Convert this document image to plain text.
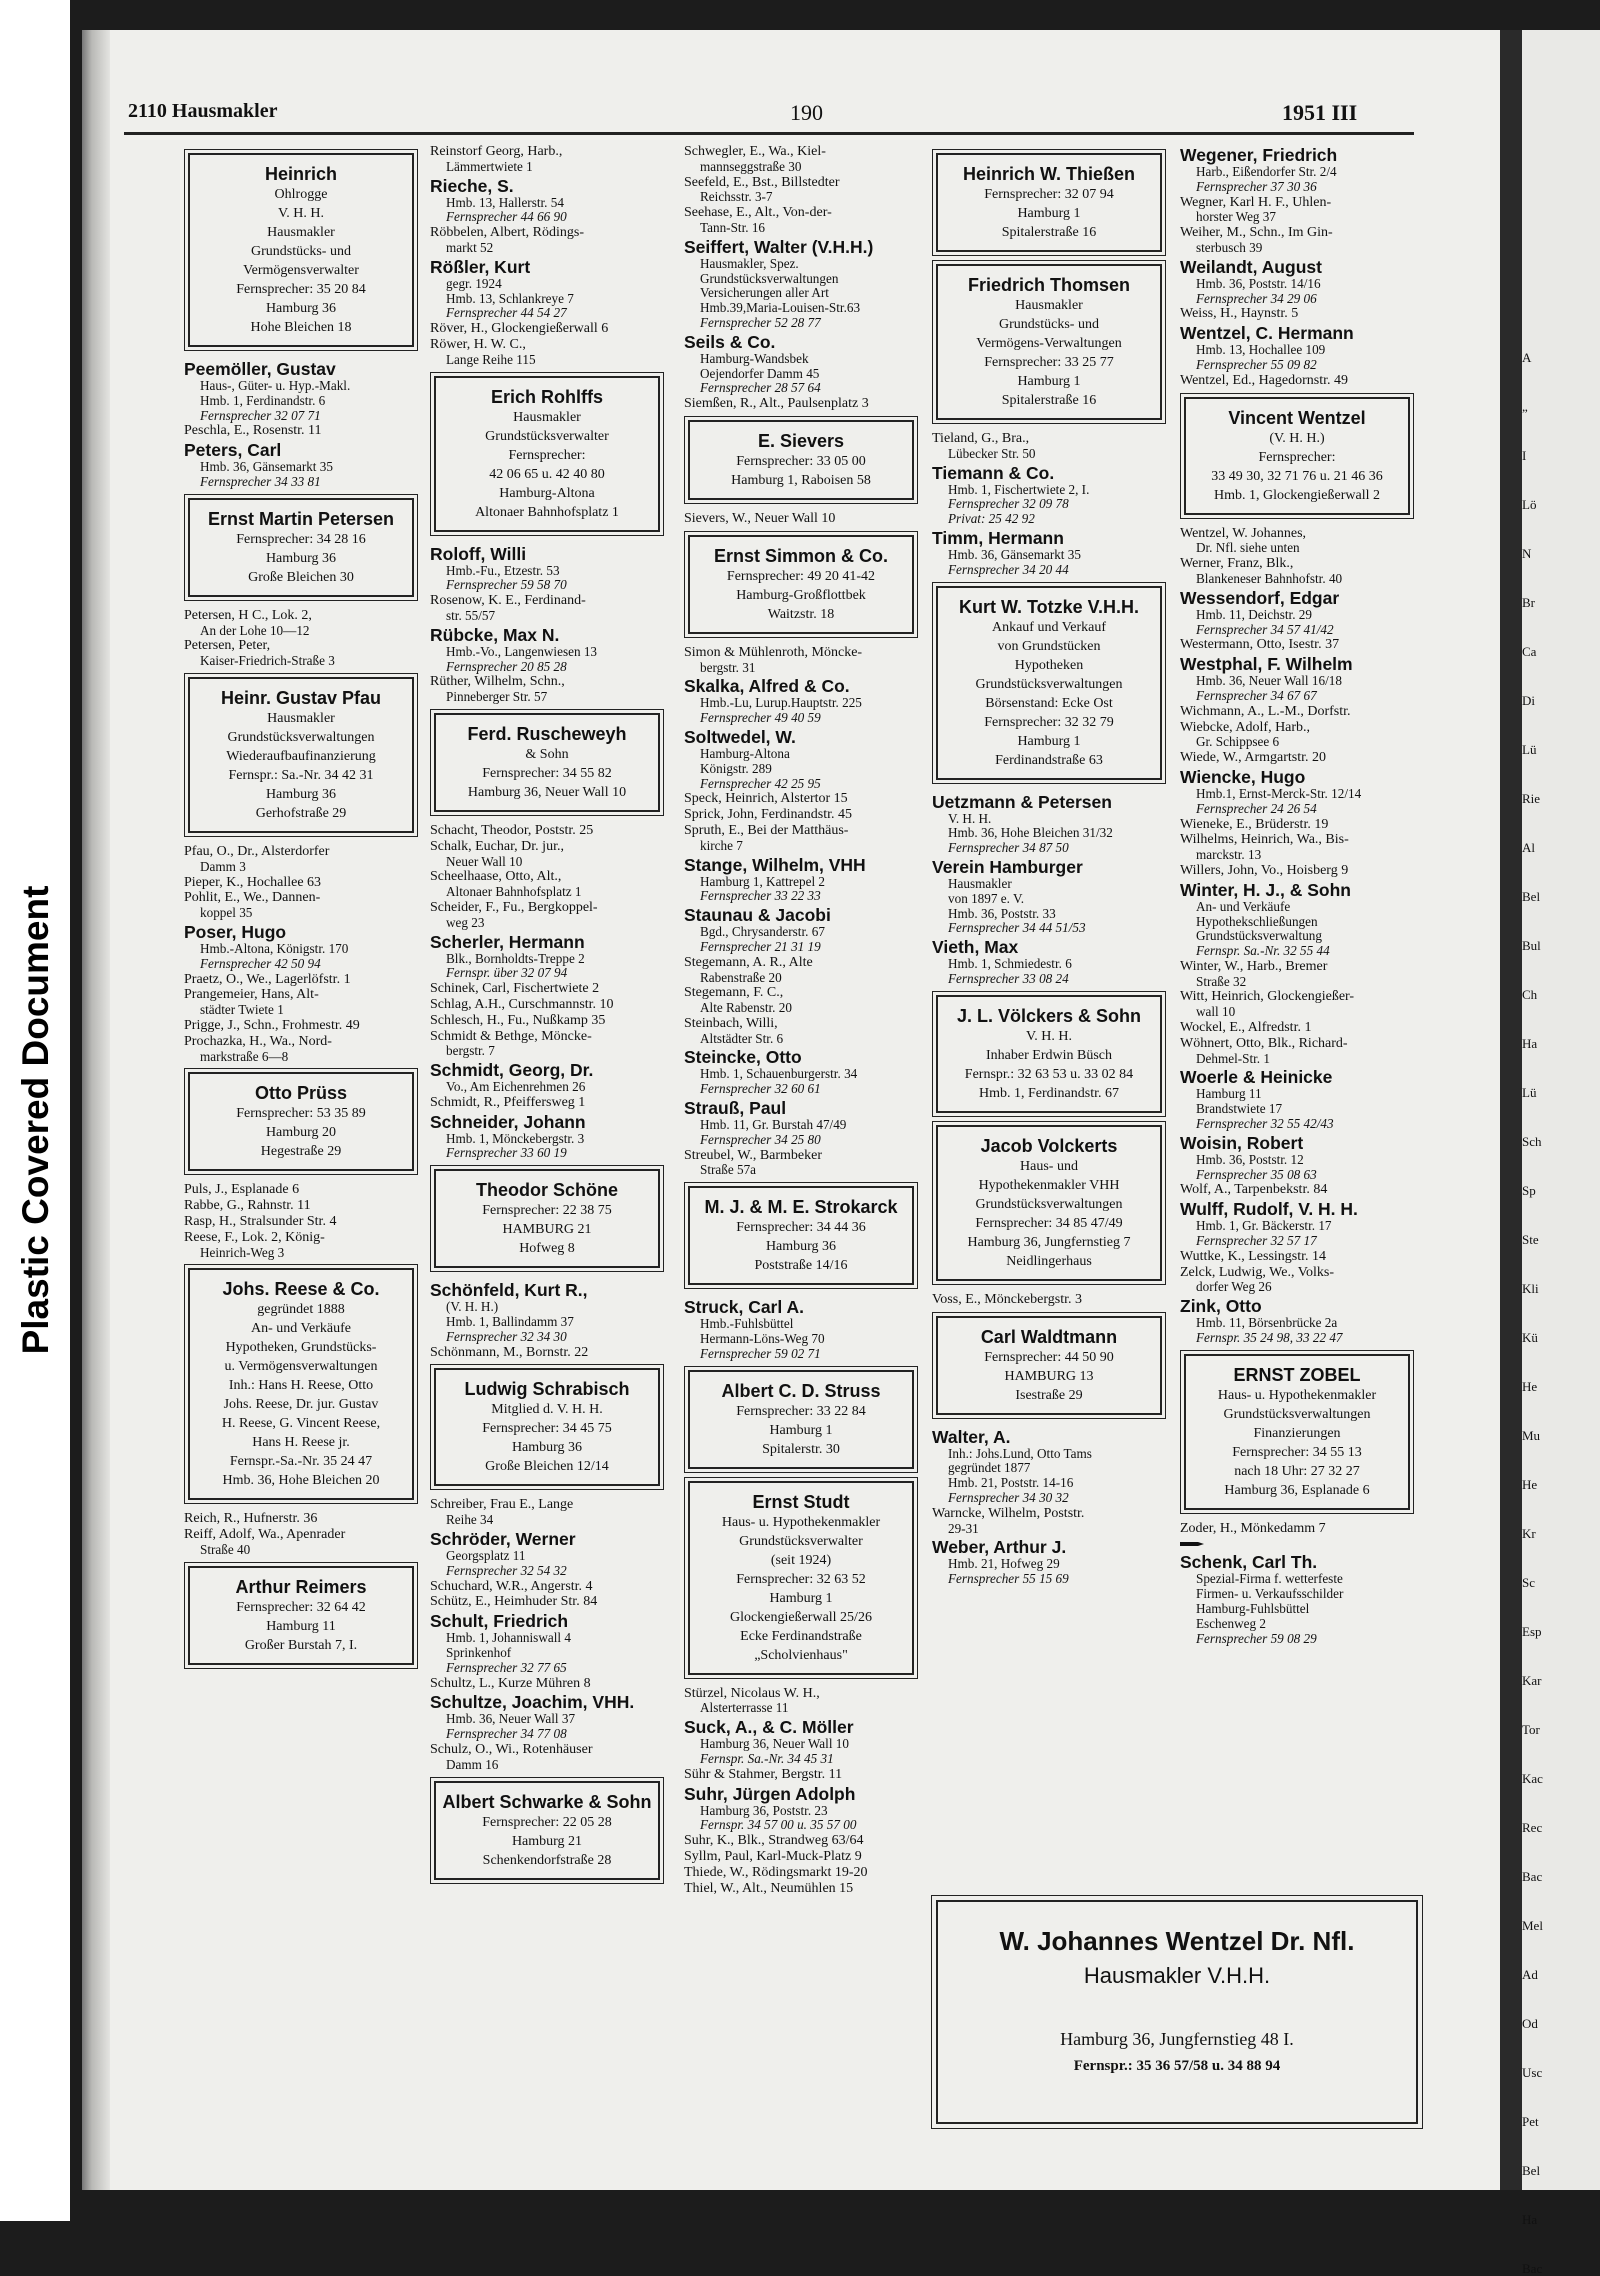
Plastic Covered Document
A
„
I
Lö
N
Br
Ca
Di
Lü
Rie
Al
Bel
Bul
Ch
Ha
Lü
Sch
Sp
Ste
Kli
Kü
He
Mu
He
Kr
Sc
Esp
Kar
Tor
Kac
Rec
Bac
Mel
Ad
Od
Usc
Pet
Bel
Ha
Bac
2110 Hausmakler	190	1951 III
Heinrich
Ohlrogge
V. H. H.
Hausmakler
Grundstücks- und
Vermögensverwalter
Fernsprecher: 35 20 84
Hamburg 36
Hohe Bleichen 18
Peemöller, Gustav
Haus-, Güter- u. Hyp.-Makl.
Hmb. 1, Ferdinandstr. 6
Fernsprecher 32 07 71
Peschla, E., Rosenstr. 11
Peters, Carl
Hmb. 36, Gänsemarkt 35
Fernsprecher 34 33 81
Ernst Martin Petersen
Fernsprecher: 34 28 16
Hamburg 36
Große Bleichen 30
Petersen, H C., Lok. 2,
An der Lohe 10—12
Petersen, Peter,
Kaiser-Friedrich-Straße 3
Heinr. Gustav Pfau
Hausmakler
Grundstücksverwaltungen
Wiederaufbaufinanzierung
Fernspr.: Sa.-Nr. 34 42 31
Hamburg 36
Gerhofstraße 29
Pfau, O., Dr., Alsterdorfer
Damm 3
Pieper, K., Hochallee 63
Pohlit, E., We., Dannen-
koppel 35
Poser, Hugo
Hmb.-Altona, Königstr. 170
Fernsprecher 42 50 94
Praetz, O., We., Lagerlöfstr. 1
Prangemeier, Hans, Alt-
städter Twiete 1
Prigge, J., Schn., Frohmestr. 49
Prochazka, H., Wa., Nord-
markstraße 6—8
Otto Prüss
Fernsprecher: 53 35 89
Hamburg 20
Hegestraße 29
Puls, J., Esplanade 6
Rabbe, G., Rahnstr. 11
Rasp, H., Stralsunder Str. 4
Reese, F., Lok. 2, König-
Heinrich-Weg 3
Johs. Reese & Co.
gegründet 1888
An- und Verkäufe
Hypotheken, Grundstücks-
u. Vermögensverwaltungen
Inh.: Hans H. Reese, Otto
Johs. Reese, Dr. jur. Gustav
H. Reese, G. Vincent Reese,
Hans H. Reese jr.
Fernspr.-Sa.-Nr. 35 24 47
Hmb. 36, Hohe Bleichen 20
Reich, R., Hufnerstr. 36
Reiff, Adolf, Wa., Apenrader
Straße 40
Arthur Reimers
Fernsprecher: 32 64 42
Hamburg 11
Großer Burstah 7, I.
Reinstorf Georg, Harb.,
Lämmertwiete 1
Rieche, S.
Hmb. 13, Hallerstr. 54
Fernsprecher 44 66 90
Röbbelen, Albert, Rödings-
markt 52
Rößler, Kurt
gegr. 1924
Hmb. 13, Schlankreye 7
Fernsprecher 44 54 27
Röver, H., Glockengießerwall 6
Röwer, H. W. C.,
Lange Reihe 115
Erich Rohlffs
Hausmakler
Grundstücksverwalter
Fernsprecher:
42 06 65 u. 42 40 80
Hamburg-Altona
Altonaer Bahnhofsplatz 1
Roloff, Willi
Hmb.-Fu., Etzestr. 53
Fernsprecher 59 58 70
Rosenow, K. E., Ferdinand-
str. 55/57
Rübcke, Max N.
Hmb.-Vo., Langenwiesen 13
Fernsprecher 20 85 28
Rüther, Wilhelm, Schn.,
Pinneberger Str. 57
Ferd. Ruscheweyh
& Sohn
Fernsprecher: 34 55 82
Hamburg 36, Neuer Wall 10
Schacht, Theodor, Poststr. 25
Schalk, Euchar, Dr. jur.,
Neuer Wall 10
Scheelhaase, Otto, Alt.,
Altonaer Bahnhofsplatz 1
Scheider, F., Fu., Bergkoppel-
weg 23
Scherler, Hermann
Blk., Bornholdts-Treppe 2
Fernspr. über 32 07 94
Schinek, Carl, Fischertwiete 2
Schlag, A.H., Curschmannstr. 10
Schlesch, H., Fu., Nußkamp 35
Schmidt & Bethge, Möncke-
bergstr. 7
Schmidt, Georg, Dr.
Vo., Am Eichenrehmen 26
Schmidt, R., Pfeiffersweg 1
Schneider, Johann
Hmb. 1, Mönckebergstr. 3
Fernsprecher 33 60 19
Theodor Schöne
Fernsprecher: 22 38 75
HAMBURG 21
Hofweg 8
Schönfeld, Kurt R.,
(V. H. H.)
Hmb. 1, Ballindamm 37
Fernsprecher 32 34 30
Schönmann, M., Bornstr. 22
Ludwig Schrabisch
Mitglied d. V. H. H.
Fernsprecher: 34 45 75
Hamburg 36
Große Bleichen 12/14
Schreiber, Frau E., Lange
Reihe 34
Schröder, Werner
Georgsplatz 11
Fernsprecher 32 54 32
Schuchard, W.R., Angerstr. 4
Schütz, E., Heimhuder Str. 84
Schult, Friedrich
Hmb. 1, Johanniswall 4
Sprinkenhof
Fernsprecher 32 77 65
Schultz, L., Kurze Mühren 8
Schultze, Joachim, VHH.
Hmb. 36, Neuer Wall 37
Fernsprecher 34 77 08
Schulz, O., Wi., Rotenhäuser
Damm 16
Albert Schwarke & Sohn
Fernsprecher: 22 05 28
Hamburg 21
Schenkendorfstraße 28
Schwegler, E., Wa., Kiel-
mannseggstraße 30
Seefeld, E., Bst., Billstedter
Reichsstr. 3-7
Seehase, E., Alt., Von-der-
Tann-Str. 16
Seiffert, Walter (V.H.H.)
Hausmakler, Spez.
Grundstücksverwaltungen
Versicherungen aller Art
Hmb.39,Maria-Louisen-Str.63
Fernsprecher 52 28 77
Seils & Co.
Hamburg-Wandsbek
Oejendorfer Damm 45
Fernsprecher 28 57 64
Siemßen, R., Alt., Paulsenplatz 3
E. Sievers
Fernsprecher: 33 05 00
Hamburg 1, Raboisen 58
Sievers, W., Neuer Wall 10
Ernst Simmon & Co.
Fernsprecher: 49 20 41-42
Hamburg-Großflottbek
Waitzstr. 18
Simon & Mühlenroth, Möncke-
bergstr. 31
Skalka, Alfred & Co.
Hmb.-Lu, Lurup.Hauptstr. 225
Fernsprecher 49 40 59
Soltwedel, W.
Hamburg-Altona
Königstr. 289
Fernsprecher 42 25 95
Speck, Heinrich, Alstertor 15
Sprick, John, Ferdinandstr. 45
Spruth, E., Bei der Matthäus-
kirche 7
Stange, Wilhelm, VHH
Hamburg 1, Kattrepel 2
Fernsprecher 33 22 33
Staunau & Jacobi
Bgd., Chrysanderstr. 67
Fernsprecher 21 31 19
Stegemann, A. R., Alte
Rabenstraße 20
Stegemann, F. C.,
Alte Rabenstr. 20
Steinbach, Willi,
Altstädter Str. 6
Steincke, Otto
Hmb. 1, Schauenburgerstr. 34
Fernsprecher 32 60 61
Strauß, Paul
Hmb. 11, Gr. Burstah 47/49
Fernsprecher 34 25 80
Streubel, W., Barmbeker
Straße 57a
M. J. & M. E. Strokarck
Fernsprecher: 34 44 36
Hamburg 36
Poststraße 14/16
Struck, Carl A.
Hmb.-Fuhlsbüttel
Hermann-Löns-Weg 70
Fernsprecher 59 02 71
Albert C. D. Struss
Fernsprecher: 33 22 84
Hamburg 1
Spitalerstr. 30
Ernst Studt
Haus- u. Hypothekenmakler
Grundstücksverwalter
(seit 1924)
Fernsprecher: 32 63 52
Hamburg 1
Glockengießerwall 25/26
Ecke Ferdinandstraße
„Scholvienhaus"
Stürzel, Nicolaus W. H.,
Alsterterrasse 11
Suck, A., & C. Möller
Hamburg 36, Neuer Wall 10
Fernspr. Sa.-Nr. 34 45 31
Sühr & Stahmer, Bergstr. 11
Suhr, Jürgen Adolph
Hamburg 36, Poststr. 23
Fernspr. 34 57 00 u. 35 57 00
Suhr, K., Blk., Strandweg 63/64
Syllm, Paul, Karl-Muck-Platz 9
Thiede, W., Rödingsmarkt 19-20
Thiel, W., Alt., Neumühlen 15
Heinrich W. Thießen
Fernsprecher: 32 07 94
Hamburg 1
Spitalerstraße 16
Friedrich Thomsen
Hausmakler
Grundstücks- und
Vermögens-Verwaltungen
Fernsprecher: 33 25 77
Hamburg 1
Spitalerstraße 16
Tieland, G., Bra.,
Lübecker Str. 50
Tiemann & Co.
Hmb. 1, Fischertwiete 2, I.
Fernsprecher 32 09 78
Privat: 25 42 92
Timm, Hermann
Hmb. 36, Gänsemarkt 35
Fernsprecher 34 20 44
Kurt W. Totzke V.H.H.
Ankauf und Verkauf
von Grundstücken
Hypotheken
Grundstücksverwaltungen
Börsenstand: Ecke Ost
Fernsprecher: 32 32 79
Hamburg 1
Ferdinandstraße 63
Uetzmann & Petersen
V. H. H.
Hmb. 36, Hohe Bleichen 31/32
Fernsprecher 34 87 50
Verein Hamburger
Hausmakler
von 1897 e. V.
Hmb. 36, Poststr. 33
Fernsprecher 34 44 51/53
Vieth, Max
Hmb. 1, Schmiedestr. 6
Fernsprecher 33 08 24
J. L. Völckers & Sohn
V. H. H.
Inhaber Erdwin Büsch
Fernspr.: 32 63 53 u. 33 02 84
Hmb. 1, Ferdinandstr. 67
Jacob Volckerts
Haus- und
Hypothekenmakler VHH
Grundstücksverwaltungen
Fernsprecher: 34 85 47/49
Hamburg 36, Jungfernstieg 7
Neidlingerhaus
Voss, E., Mönckebergstr. 3
Carl Waldtmann
Fernsprecher: 44 50 90
HAMBURG 13
Isestraße 29
Walter, A.
Inh.: Johs.Lund, Otto Tams
gegründet 1877
Hmb. 21, Poststr. 14-16
Fernsprecher 34 30 32
Warncke, Wilhelm, Poststr.
29-31
Weber, Arthur J.
Hmb. 21, Hofweg 29
Fernsprecher 55 15 69
Wegener, Friedrich
Harb., Eißendorfer Str. 2/4
Fernsprecher 37 30 36
Wegner, Karl H. F., Uhlen-
horster Weg 37
Weiher, M., Schn., Im Gin-
sterbusch 39
Weilandt, August
Hmb. 36, Poststr. 14/16
Fernsprecher 34 29 06
Weiss, H., Haynstr. 5
Wentzel, C. Hermann
Hmb. 13, Hochallee 109
Fernsprecher 55 09 82
Wentzel, Ed., Hagedornstr. 49
Vincent Wentzel
(V. H. H.)
Fernsprecher:
33 49 30, 32 71 76 u. 21 46 36
Hmb. 1, Glockengießerwall 2
Wentzel, W. Johannes,
Dr. Nfl. siehe unten
Werner, Franz, Blk.,
Blankeneser Bahnhofstr. 40
Wessendorf, Edgar
Hmb. 11, Deichstr. 29
Fernsprecher 34 57 41/42
Westermann, Otto, Isestr. 37
Westphal, F. Wilhelm
Hmb. 36, Neuer Wall 16/18
Fernsprecher 34 67 67
Wichmann, A., L.-M., Dorfstr.
Wiebcke, Adolf, Harb.,
Gr. Schippsee 6
Wiede, W., Armgartstr. 20
Wiencke, Hugo
Hmb.1, Ernst-Merck-Str. 12/14
Fernsprecher 24 26 54
Wieneke, E., Brüderstr. 19
Wilhelms, Heinrich, Wa., Bis-
marckstr. 13
Willers, John, Vo., Hoisberg 9
Winter, H. J., & Sohn
An- und Verkäufe
Hypothekschließungen
Grundstücksverwaltung
Fernspr. Sa.-Nr. 32 55 44
Winter, W., Harb., Bremer
Straße 32
Witt, Heinrich, Glockengießer-
wall 10
Wockel, E., Alfredstr. 1
Wöhnert, Otto, Blk., Richard-
Dehmel-Str. 1
Woerle & Heinicke
Hamburg 11
Brandstwiete 17
Fernsprecher 32 55 42/43
Woisin, Robert
Hmb. 36, Poststr. 12
Fernsprecher 35 08 63
Wolf, A., Tarpenbekstr. 84
Wulff, Rudolf, V. H. H.
Hmb. 1, Gr. Bäckerstr. 17
Fernsprecher 32 57 17
Wuttke, K., Lessingstr. 14
Zelck, Ludwig, We., Volks-
dorfer Weg 26
Zink, Otto
Hmb. 11, Börsenbrücke 2a
Fernspr. 35 24 98, 33 22 47
ERNST ZOBEL
Haus- u. Hypothekenmakler
Grundstücksverwaltungen
Finanzierungen
Fernsprecher: 34 55 13
nach 18 Uhr: 27 32 27
Hamburg 36, Esplanade 6
Zoder, H., Mönkedamm 7
Schenk, Carl Th.
Spezial-Firma f. wetterfeste
Firmen- u. Verkaufsschilder
Hamburg-Fuhlsbüttel
Eschenweg 2
Fernsprecher 59 08 29
W. Johannes Wentzel Dr. Nfl.
Hausmakler V.H.H.
Hamburg 36, Jungfernstieg 48 I.
Fernspr.: 35 36 57/58 u. 34 88 94
